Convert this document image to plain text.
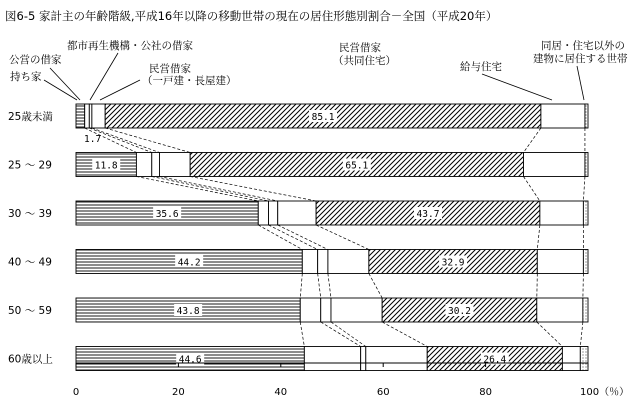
図6-5 家計主の年齢階級,平成16年以降の移動世帯の現在の居住形態別割合－全国（平成20年）
1.7
85.1
11.8	65.1
35.6	43.7
44.2	32.9
43.8	30.2
44.6	26.4
25歳未満
25 ～ 29
30 ～ 39
40 ～ 49
50 ～ 59
60歳以上
0	20	40	60	80	100（％）
公営の借家
都市再生機構・公社の借家
持ち家
民営借家
（一戸建・長屋建）
民営借家
（共同住宅）	給与住宅
同居・住宅以外の
建物に居住する世帯
